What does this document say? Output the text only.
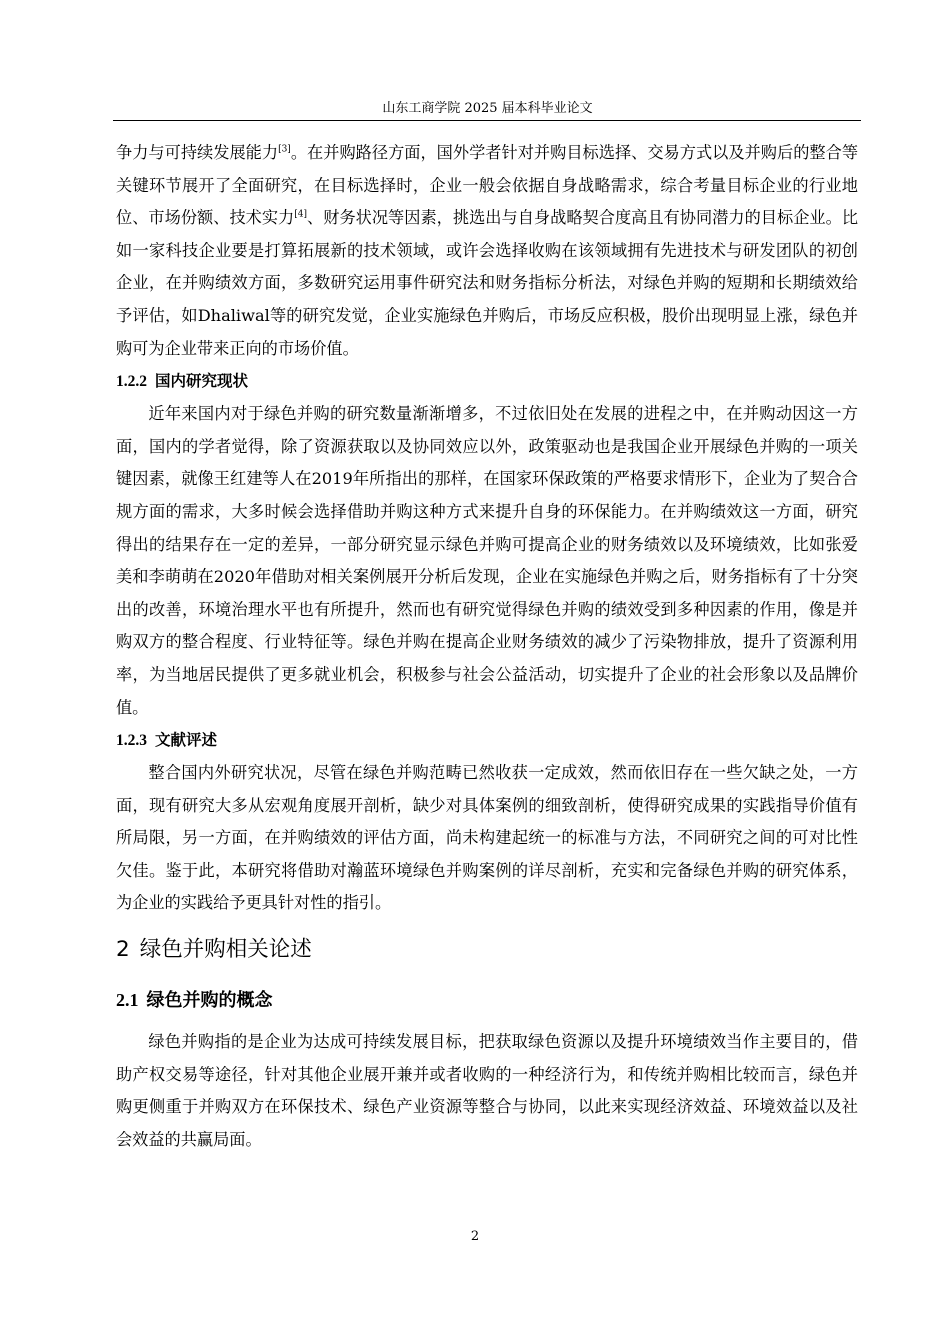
山东工商学院 2025 届本科毕业论文

争力与可持续发展能力[3]。在并购路径方面，国外学者针对并购目标选择、交易方式以及并购后的整合等关键环节展开了全面研究，在目标选择时，企业一般会依据自身战略需求，综合考量目标企业的行业地位、市场份额、技术实力[4]、财务状况等因素，挑选出与自身战略契合度高且有协同潜力的目标企业。比如一家科技企业要是打算拓展新的技术领域，或许会选择收购在该领域拥有先进技术与研发团队的初创企业，在并购绩效方面，多数研究运用事件研究法和财务指标分析法，对绿色并购的短期和长期绩效给予评估，如Dhaliwal等的研究发觉，企业实施绿色并购后，市场反应积极，股价出现明显上涨，绿色并购可为企业带来正向的市场价值。

1.2.2 国内研究现状

近年来国内对于绿色并购的研究数量渐渐增多，不过依旧处在发展的进程之中，在并购动因这一方面，国内的学者觉得，除了资源获取以及协同效应以外，政策驱动也是我国企业开展绿色并购的一项关键因素，就像王红建等人在2019年所指出的那样，在国家环保政策的严格要求情形下，企业为了契合合规方面的需求，大多时候会选择借助并购这种方式来提升自身的环保能力。在并购绩效这一方面，研究得出的结果存在一定的差异，一部分研究显示绿色并购可提高企业的财务绩效以及环境绩效，比如张爱美和李萌萌在2020年借助对相关案例展开分析后发现，企业在实施绿色并购之后，财务指标有了十分突出的改善，环境治理水平也有所提升，然而也有研究觉得绿色并购的绩效受到多种因素的作用，像是并购双方的整合程度、行业特征等。绿色并购在提高企业财务绩效的减少了污染物排放，提升了资源利用率，为当地居民提供了更多就业机会，积极参与社会公益活动，切实提升了企业的社会形象以及品牌价值。

1.2.3 文献评述

整合国内外研究状况，尽管在绿色并购范畴已然收获一定成效，然而依旧存在一些欠缺之处，一方面，现有研究大多从宏观角度展开剖析，缺少对具体案例的细致剖析，使得研究成果的实践指导价值有所局限，另一方面，在并购绩效的评估方面，尚未构建起统一的标准与方法，不同研究之间的可对比性欠佳。鉴于此，本研究将借助对瀚蓝环境绿色并购案例的详尽剖析，充实和完备绿色并购的研究体系，为企业的实践给予更具针对性的指引。

2 绿色并购相关论述
2.1 绿色并购的概念

绿色并购指的是企业为达成可持续发展目标，把获取绿色资源以及提升环境绩效当作主要目的，借助产权交易等途径，针对其他企业展开兼并或者收购的一种经济行为，和传统并购相比较而言，绿色并购更侧重于并购双方在环保技术、绿色产业资源等整合与协同，以此来实现经济效益、环境效益以及社会效益的共赢局面。

2
